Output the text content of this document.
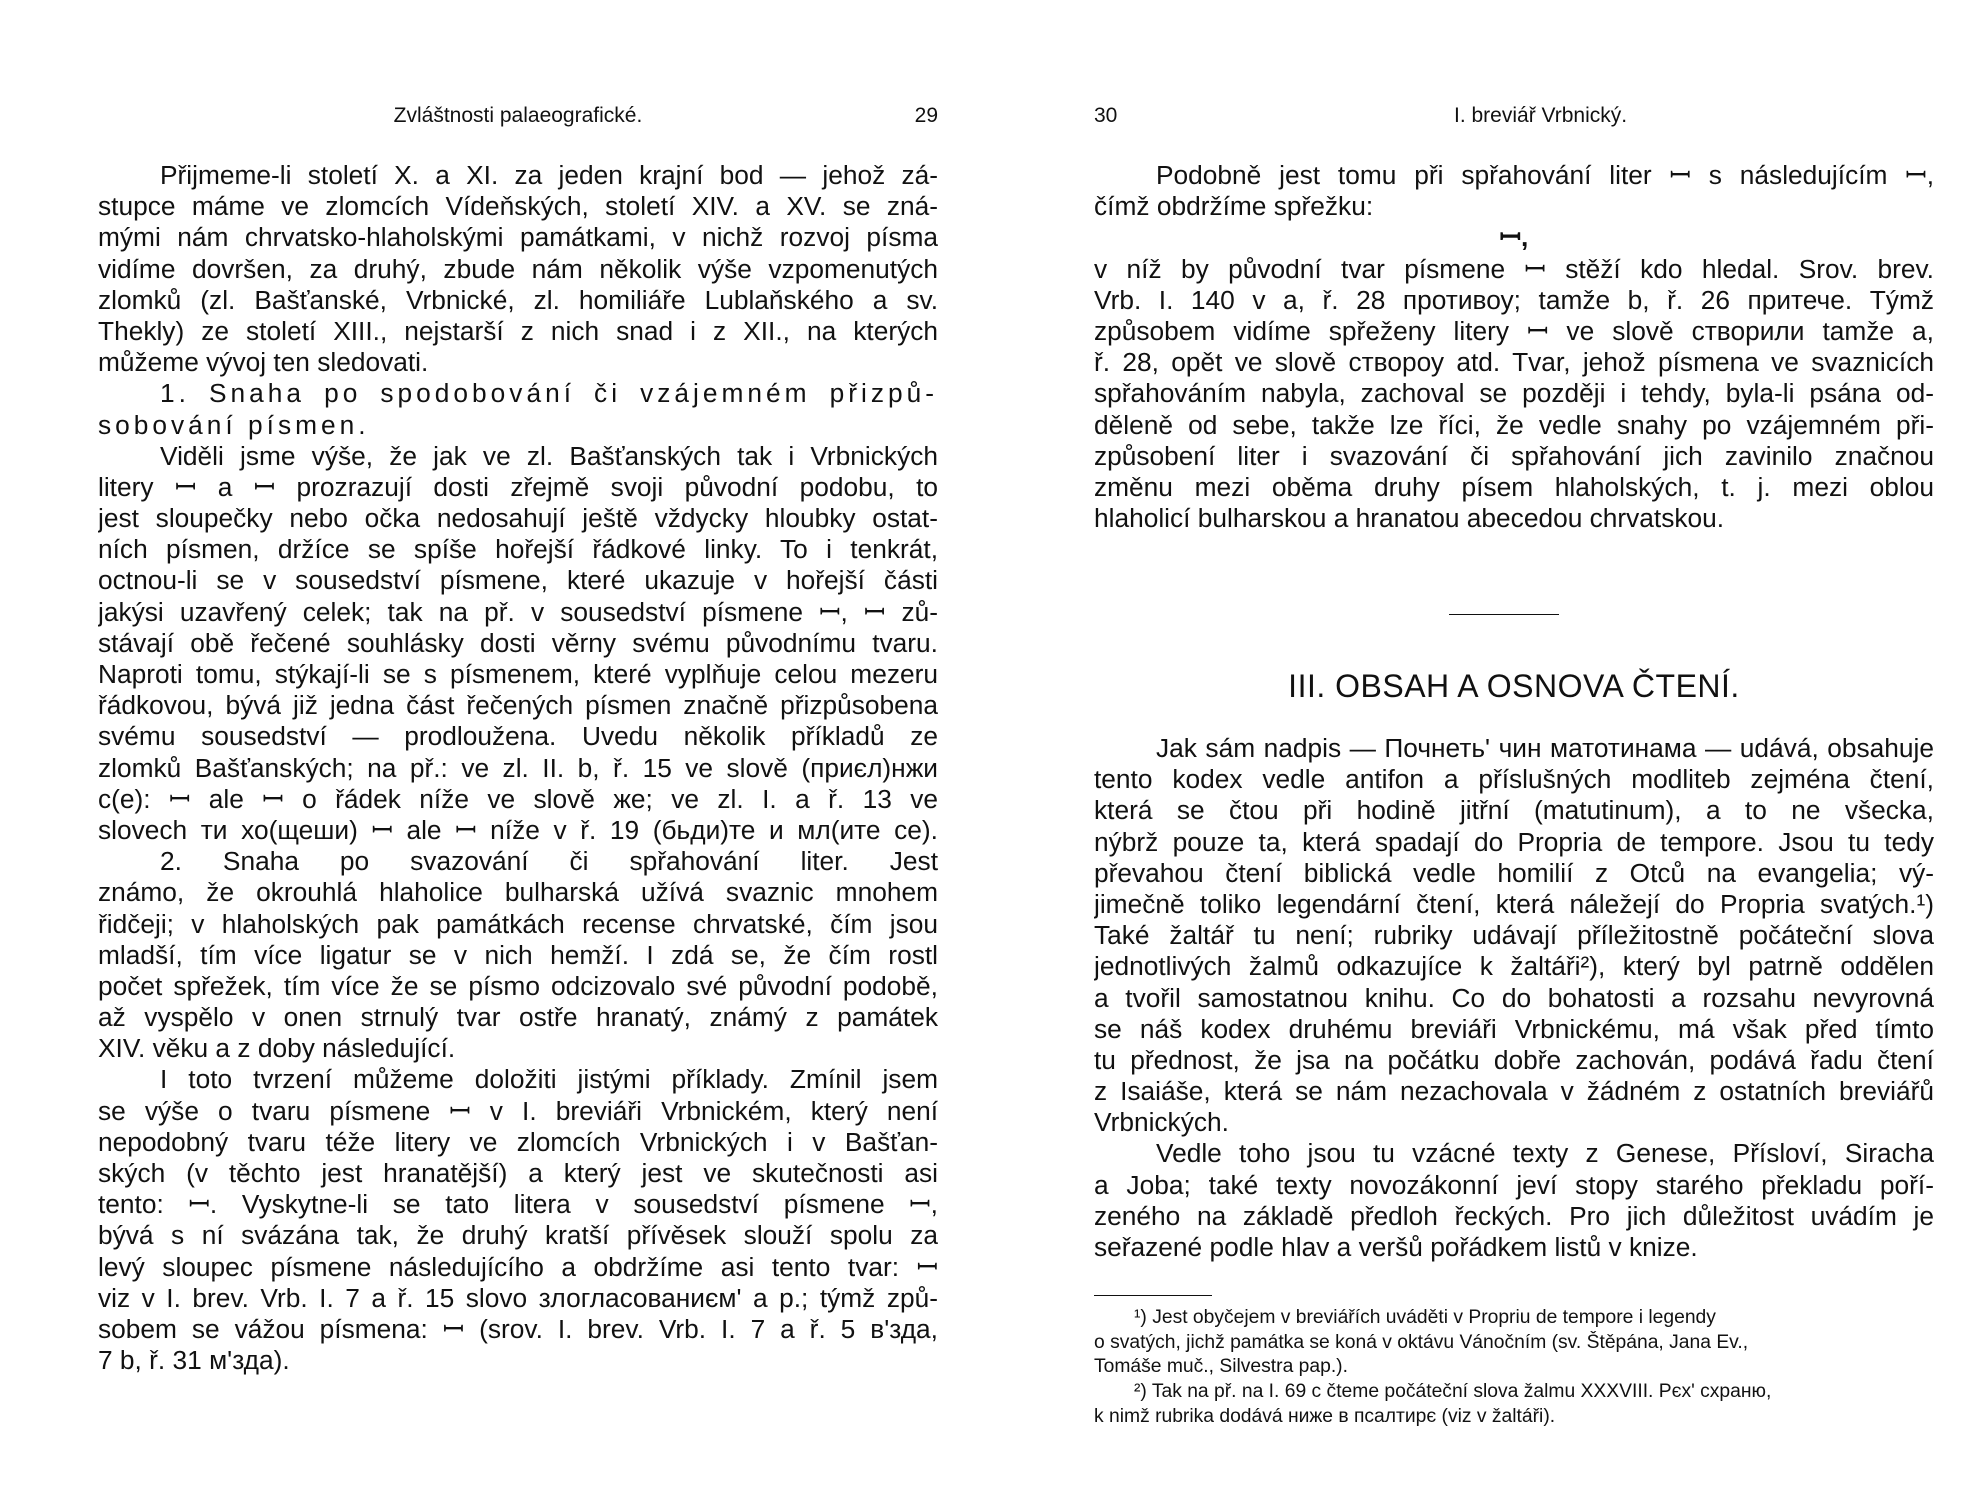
Zvláštnosti palaeografické.	29
Přijmeme-li století X. a XI. za jeden krajní bod — jehož zá-
stupce máme ve zlomcích Vídeňských, století XIV. a XV. se zná-
mými nám chrvatsko-hlaholskými památkami, v nichž rozvoj písma
vidíme dovršen, za druhý, zbude nám několik výše vzpomenutých
zlomků (zl. Bašťanské, Vrbnické, zl. homiliáře Lublaňského a sv.
Thekly) ze století XIII., nejstarší z nich snad i z XII., na kterých
můžeme vývoj ten sledovati.
1. Snaha po spodobování či vzájemném přizpů-
sobování písmen.
Viděli jsme výše, že jak ve zl. Bašťanských tak i Vrbnických
litery ꟷ a ꟷ prozrazují dosti zřejmě svoji původní podobu, to
jest sloupečky nebo očka nedosahují ještě vždycky hloubky ostat-
ních písmen, držíce se spíše hořejší řádkové linky. To i tenkrát,
octnou-li se v sousedství písmene, které ukazuje v hořejší části
jakýsi uzavřený celek; tak na př. v sousedství písmene ꟷ, ꟷ zů-
stávají obě řečené souhlásky dosti věrny svému původnímu tvaru.
Naproti tomu, stýkají-li se s písmenem, které vyplňuje celou mezeru
řádkovou, bývá již jedna část řečených písmen značně přizpůsobena
svému sousedství — prodloužena. Uvedu několik příkladů ze
zlomků Bašťanských; na př.: ve zl. II. b, ř. 15 ve slově (приєл)нжи
с(е): ꟷ ale ꟷ o řádek níže ve slově же; ve zl. I. a ř. 13 ve
slovech ти хо(щеши) ꟷ ale ꟷ níže v ř. 19 (бьди)те и мл(ите се).
2. Snaha po svazování či spřahování liter. Jest
známo, že okrouhlá hlaholice bulharská užívá svaznic mnohem
řidčeji; v hlaholských pak památkách recense chrvatské, čím jsou
mladší, tím více ligatur se v nich hemží. I zdá se, že čím rostl
počet spřežek, tím více že se písmo odcizovalo své původní podobě,
až vyspělo v onen strnulý tvar ostře hranatý, známý z památek
XIV. věku a z doby následující.
I toto tvrzení můžeme doložiti jistými příklady. Zmínil jsem
se výše o tvaru písmene ꟷ v I. breviáři Vrbnickém, který není
nepodobný tvaru téže litery ve zlomcích Vrbnických i v Bašťan-
ských (v těchto jest hranatější) a který jest ve skutečnosti asi
tento: ꟷ. Vyskytne-li se tato litera v sousedství písmene ꟷ,
bývá s ní svázána tak, že druhý kratší přívěsek slouží spolu za
levý sloupec písmene následujícího a obdržíme asi tento tvar: ꟷ
viz v I. brev. Vrb. I. 7 a ř. 15 slovo злоглаcованиєм' a p.; týmž způ-
sobem se vážou písmena: ꟷ (srov. I. brev. Vrb. I. 7 a ř. 5 в'зда,
7 b, ř. 31 м'зда).
30	I. breviář Vrbnický.
Podobně jest tomu při spřahování liter ꟷ s následujícím ꟷ,
čímž obdržíme spřežku:
ꟷ,
v níž by původní tvar písmene ꟷ stěží kdo hledal. Srov. brev.
Vrb. I. 140 v a, ř. 28 противоу; tamže b, ř. 26 притече. Týmž
způsobem vidíme spřeženy litery ꟷ ve slově створили tamže a,
ř. 28, opět ve slově створоу atd. Tvar, jehož písmena ve svaznicích
spřahováním nabyla, zachoval se později i tehdy, byla-li psána od-
děleně od sebe, takže lze říci, že vedle snahy po vzájemném při-
způsobení liter i svazování či spřahování jich zavinilo značnou
změnu mezi oběma druhy písem hlaholských, t. j. mezi oblou
hlaholicí bulharskou a hranatou abecedou chrvatskou.
III. OBSAH A OSNOVA ČTENÍ.
Jak sám nadpis — Почнеть' чин матотинама — udává, obsahuje
tento kodex vedle antifon a příslušných modliteb zejména čtení,
která se čtou při hodině jitřní (matutinum), a to ne všecka,
nýbrž pouze ta, která spadají do Propria de tempore. Jsou tu tedy
převahou čtení biblická vedle homilií z Otců na evangelia; vý-
jimečně toliko legendární čtení, která náležejí do Propria svatých.¹)
Také žaltář tu není; rubriky udávají příležitostně počáteční slova
jednotlivých žalmů odkazujíce k žaltáři²), který byl patrně oddělen
a tvořil samostatnou knihu. Co do bohatosti a rozsahu nevyrovná
se náš kodex druhému breviáři Vrbnickému, má však před tímto
tu přednost, že jsa na počátku dobře zachován, podává řadu čtení
z Isaiáše, která se nám nezachovala v žádném z ostatních breviářů
Vrbnických.
Vedle toho jsou tu vzácné texty z Genese, Přísloví, Siracha
a Joba; také texty novozákonní jeví stopy starého překladu poří-
zeného na základě předloh řeckých. Pro jich důležitost uvádím je
seřazené podle hlav a veršů pořádkem listů v knize.
¹) Jest obyčejem v breviářích uváděti v Propriu de tempore i legendy
o svatých, jichž památka se koná v oktávu Vánočním (sv. Štěpána, Jana Ev.,
Tomáše muč., Silvestra pap.).
²) Tak na př. na I. 69 c čteme počáteční slova žalmu XXXVIII. Рєх' схраню,
k nimž rubrika dodává ниже в псалтирє (viz v žaltáři).
